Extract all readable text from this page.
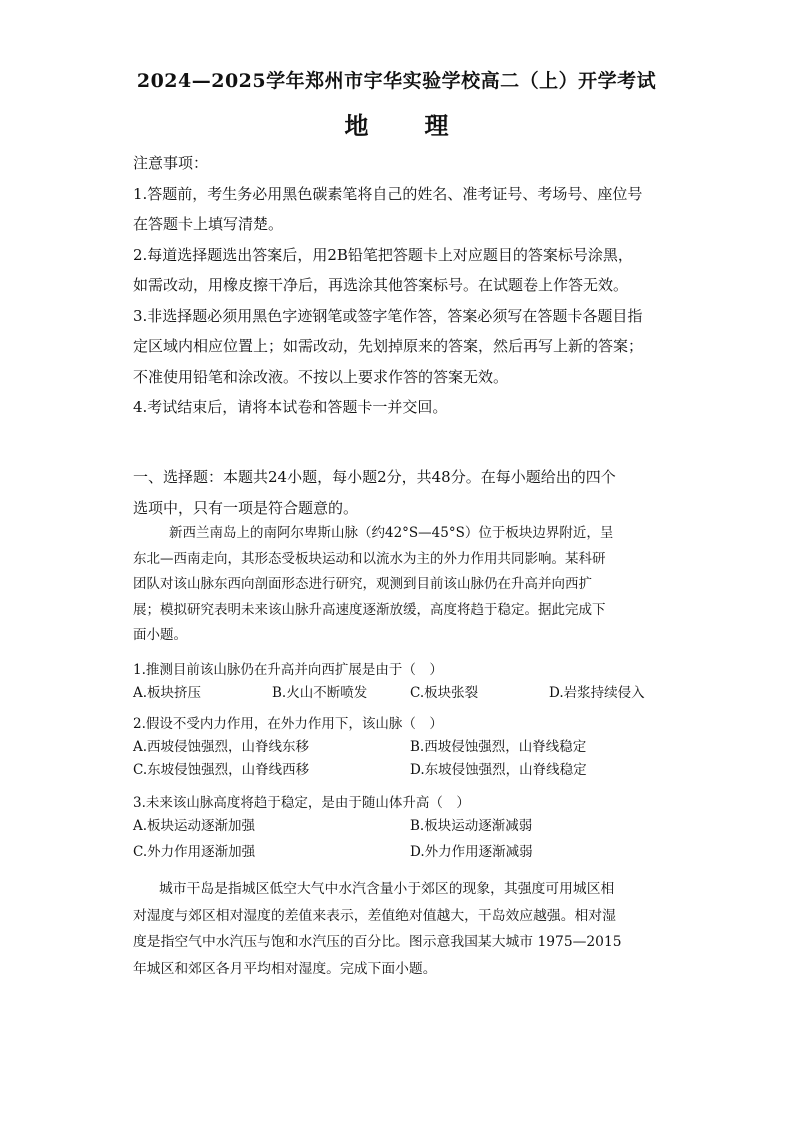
2024—2025学年郑州市宇华实验学校高二（上）开学考试
地 理
注意事项：
1.答题前，考生务必用黑色碳素笔将自己的姓名、准考证号、考场号、座位号
在答题卡上填写清楚。
2.每道选择题选出答案后，用2B铅笔把答题卡上对应题目的答案标号涂黑，
如需改动，用橡皮擦干净后，再选涂其他答案标号。在试题卷上作答无效。
3.非选择题必须用黑色字迹钢笔或签字笔作答，答案必须写在答题卡各题目指
定区域内相应位置上；如需改动，先划掉原来的答案，然后再写上新的答案；
不准使用铅笔和涂改液。不按以上要求作答的答案无效。
4.考试结束后，请将本试卷和答题卡一并交回。
一、选择题：本题共24小题，每小题2分，共48分。在每小题给出的四个
选项中，只有一项是符合题意的。
新西兰南岛上的南阿尔卑斯山脉（约42°S—45°S）位于板块边界附近，呈
东北—西南走向，其形态受板块运动和以流水为主的外力作用共同影响。某科研
团队对该山脉东西向剖面形态进行研究，观测到目前该山脉仍在升高并向西扩
展；模拟研究表明未来该山脉升高速度逐渐放缓，高度将趋于稳定。据此完成下
面小题。
1.推测目前该山脉仍在升高并向西扩展是由于（　）
A.板块挤压	B.火山不断喷发	C.板块张裂	D.岩浆持续侵入
2.假设不受内力作用，在外力作用下，该山脉（　）
A.西坡侵蚀强烈，山脊线东移	B.西坡侵蚀强烈，山脊线稳定
C.东坡侵蚀强烈，山脊线西移	D.东坡侵蚀强烈，山脊线稳定
3.未来该山脉高度将趋于稳定，是由于随山体升高（　）
A.板块运动逐渐加强	B.板块运动逐渐减弱
C.外力作用逐渐加强	D.外力作用逐渐减弱
城市干岛是指城区低空大气中水汽含量小于郊区的现象，其强度可用城区相
对湿度与郊区相对湿度的差值来表示，差值绝对值越大，干岛效应越强。相对湿
度是指空气中水汽压与饱和水汽压的百分比。图示意我国某大城市 1975—2015
年城区和郊区各月平均相对湿度。完成下面小题。
